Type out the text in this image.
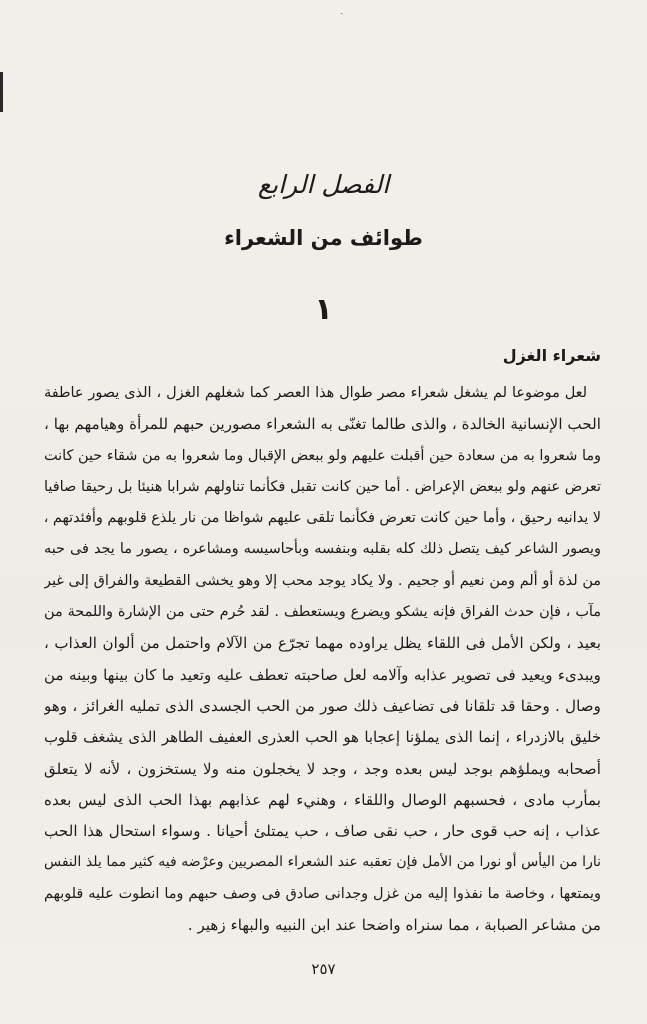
ˎ
الفصل الرابع
طوائف من الشعراء
١
شعراء الغزل
لعل موضوعا لم يشغل شعراء مصر طوال هذا العصر كما شغلهم الغزل ، الذى يصور عاطفة
الحب الإنسانية الخالدة ، والذى طالما تغنّى به الشعراء مصورين حبهم للمرأة وهيامهم بها ،
وما شعروا به من سعادة حين أقبلت عليهم ولو ببعض الإقبال وما شعروا به من شقاء حين كانت
تعرض عنهم ولو ببعض الإعراض . أما حين كانت تقبل فكأنما تناولهم شرابا هنيئا بل رحيقا صافيا
لا يدانيه رحيق ، وأما حين كانت تعرض فكأنما تلقى عليهم شواظا من نار يلذع قلوبهم وأفئدتهم ،
ويصور الشاعر كيف يتصل ذلك كله بقلبه وبنفسه وبأحاسيسه ومشاعره ، يصور ما يجد فى حبه
من لذة أو ألم ومن نعيم أو جحيم . ولا يكاد يوجد محب إلا وهو يخشى القطيعة والفراق إلى غير
مآب ، فإن حدث الفراق فإنه يشكو ويضرع ويستعطف . لقد حُرم حتى من الإشارة واللمحة من
بعيد ، ولكن الأمل فى اللقاء يظل يراوده مهما تجرّع من الآلام واحتمل من ألوان العذاب ،
ويبدىء ويعيد فى تصوير عذابه وآلامه لعل صاحبته تعطف عليه وتعيد ما كان بينها وبينه من
وصال . وحقا قد تلقانا فى تضاعيف ذلك صور من الحب الجسدى الذى تمليه الغرائز ، وهو
خليق بالازدراء ، إنما الذى يملؤنا إعجابا هو الحب العذرى العفيف الطاهر الذى يشغف قلوب
أصحابه ويملؤهم بوجد ليس بعده وجد ، وجد لا يخجلون منه ولا يستخزون ، لأنه لا يتعلق
بمأرب مادى ، فحسبهم الوصال واللقاء ، وهنيء لهم عذابهم بهذا الحب الذى ليس بعده
عذاب ، إنه حب قوى حار ، حب نقى صاف ، حب يمتلئ أحيانا . وسواء استحال هذا الحب
نارا من اليأس أو نورا من الأمل فإن تعقبه عند الشعراء المصريين وعرْضه فيه كثير مما يلذ النفس
ويمتعها ، وخاصة ما نفذوا إليه من غزل وجدانى صادق فى وصف حبهم وما انطوت عليه قلوبهم
من مشاعر الصبابة ، مما سنراه واضحا عند ابن النبيه والبهاء زهير .
٢٥٧
